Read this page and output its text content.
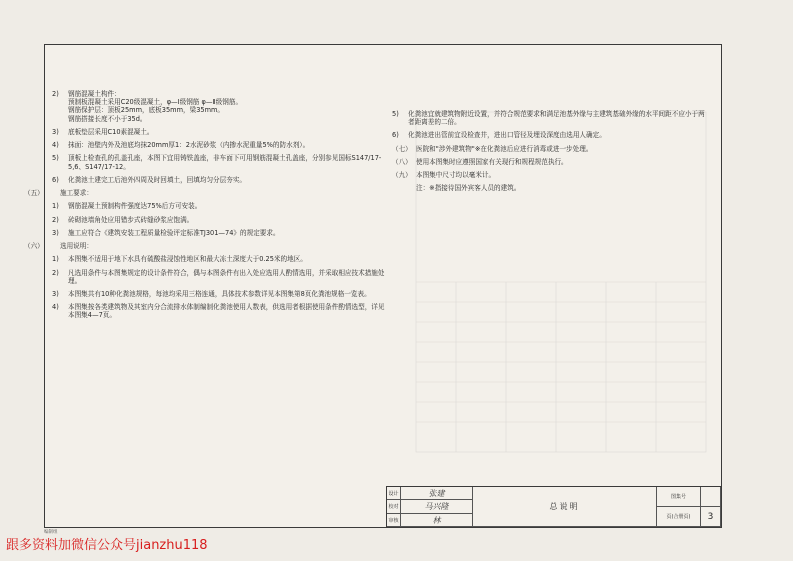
2)	钢筋混凝土构件：
预制板混凝土采用C20级混凝土，φ—Ⅰ级钢筋 φ—Ⅱ级钢筋。
钢筋保护层：顶板25mm，底板35mm，梁35mm。
钢筋搭接长度不小于35d。
3)	底板垫层采用C10素混凝土。
4)	抹面：池壁内外及池底均抹20mm厚1：2水泥砂浆（内掺水泥重量5%的防水剂）。
5)	顶板上检查孔的孔盖孔座，本图下宜用铸铁盖座，非车面下可用钢筋混凝土孔盖座，分别参见国标S147/17-5,6、S147/17-12。
6)	化粪池土建完工后池外四周及时回填土，回填均匀分层夯实。
（五）	施工要求：
1)	钢筋混凝土预制构件强度达75%后方可安装。
2)	砖砌池墙角处应用错步式砖缝砂浆应饱满。
3)	施工应符合《建筑安装工程质量检验评定标准TJ301—74》的规定要求。
（六）	选用说明：
1)	本图集不适用于地下水具有硫酸盐浸蚀性地区和最大冻土深度大于0.25米的地区。
2)	凡选用条件与本图集规定的设计条件符合，偶与本图条件有出入处应选用人酌情选用，并采取相应技术措施处理。
3)	本图集共有10种化粪池规格，每池均采用三格连通，具体技术参数详见本图集第8页化粪池规格一览表。
4)	本图集按各类建筑物及其室内分合流排水体制编制化粪池使用人数表，供选用者根据使用条件酌情选型，详见本图集4—7页。
5)	化粪池宜就建筑物附近设置，并符合规范要求和满足池基外缘与主建筑基础外缘的水平间距不应小于两者距离差的二倍。
6)	化粪池进出管前宜设检查井，进出口管径及埋设深度由选用人确定。
（七） 医院和"涉外建筑物"※在化粪池后应进行消毒或进一步处理。
（八） 使用本图集时应遵照国家有关现行和规程规范执行。
（九） 本图集中尺寸均以毫米计。
注：※指接待国外宾客人员的建筑。
设计	张建
校对	马兴隆
审核	林
总说明
图集号
页(合册页)	3
编制组
跟多资料加微信公众号jianzhu118
